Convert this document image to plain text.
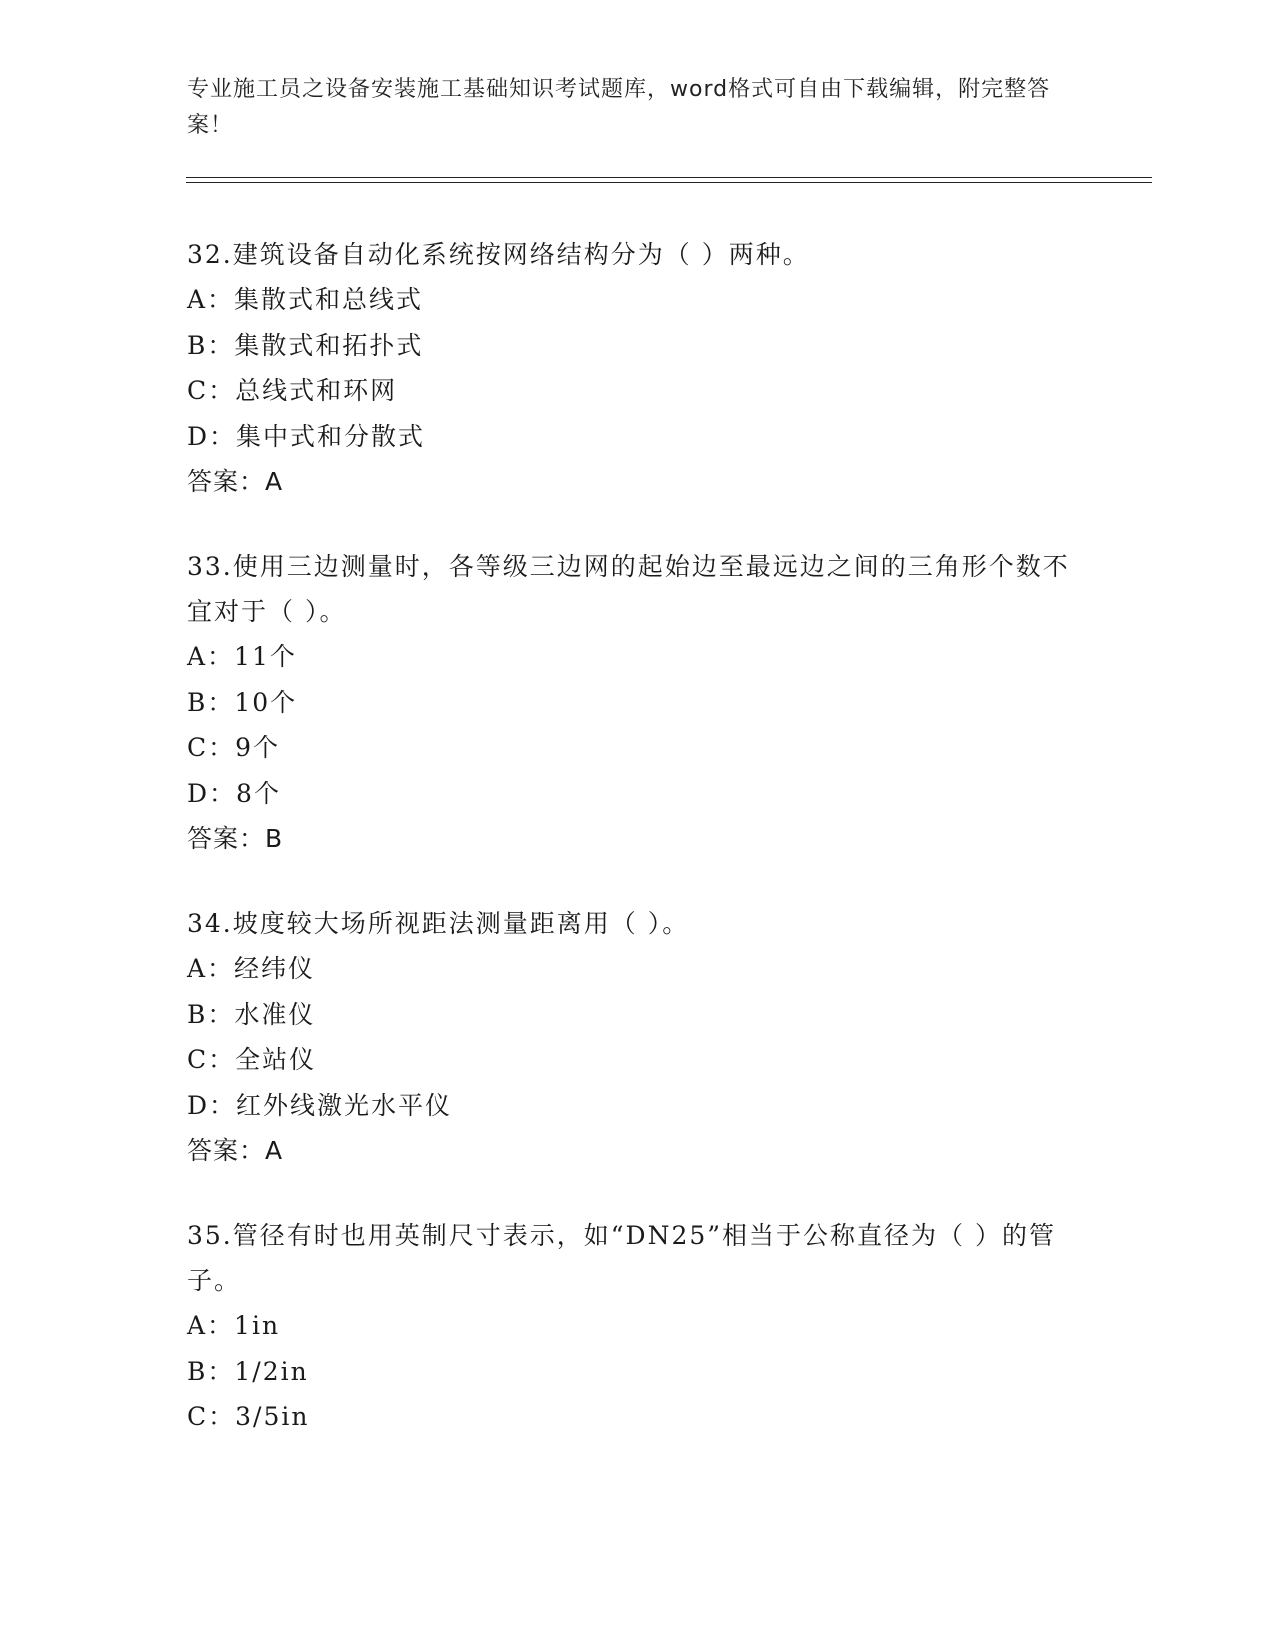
专业施工员之设备安装施工基础知识考试题库，word格式可自由下载编辑，附完整答案！

32.建筑设备自动化系统按网络结构分为（ ）两种。

A：集散式和总线式

B：集散式和拓扑式

C：总线式和环网

D：集中式和分散式

答案：A

33.使用三边测量时，各等级三边网的起始边至最远边之间的三角形个数不宜对于（ ）。

A：11个

B：10个

C：9个

D：8个

答案：B

34.坡度较大场所视距法测量距离用（ ）。

A：经纬仪

B：水准仪

C：全站仪

D：红外线激光水平仪

答案：A

35.管径有时也用英制尺寸表示，如“DN25”相当于公称直径为（ ）的管子。

A：1in

B：1/2in

C：3/5in
